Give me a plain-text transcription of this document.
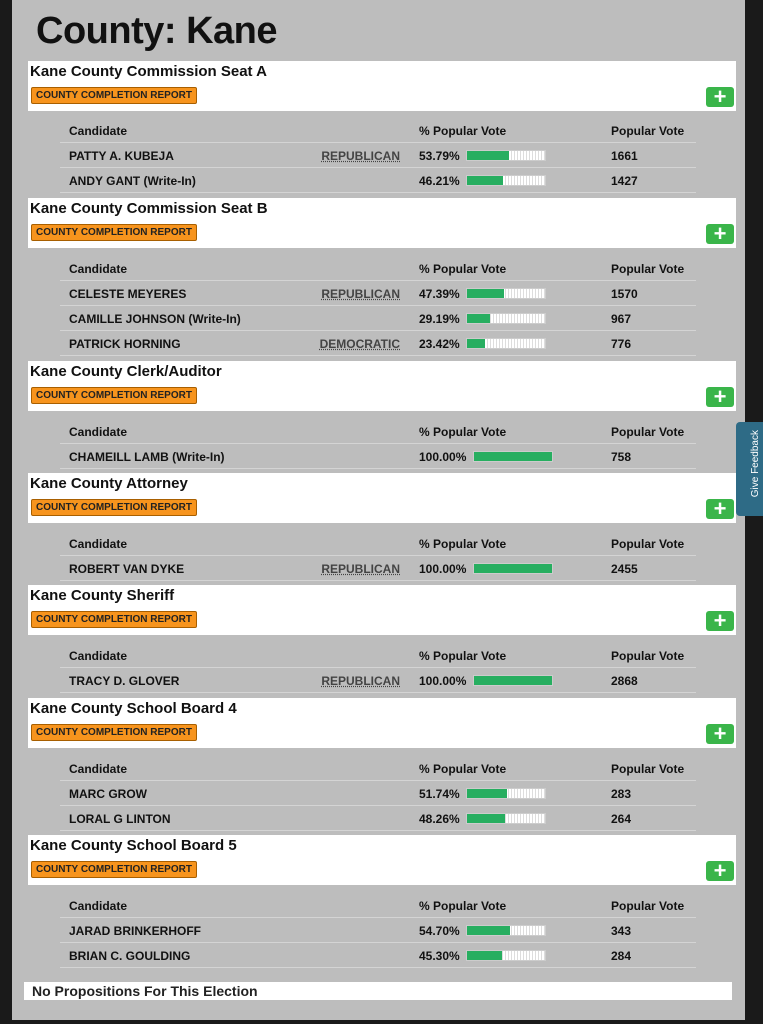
County: Kane
Kane County Commission Seat A
COUNTY COMPLETION REPORT	+
Candidate	% Popular Vote	Popular Vote
PATTY A. KUBEJA	REPUBLICAN 53.79%	1661
ANDY GANT (Write-In)	46.21%	1427
Kane County Commission Seat B
COUNTY COMPLETION REPORT	+
Candidate	% Popular Vote	Popular Vote
CELESTE MEYERES	REPUBLICAN 47.39%	1570
CAMILLE JOHNSON (Write-In)	29.19%	967
PATRICK HORNING	DEMOCRATIC 23.42%	776
Kane County Clerk/Auditor
COUNTY COMPLETION REPORT	+
Candidate	% Popular Vote	Popular Vote
CHAMEILL LAMB (Write-In)	100.00%	758
Kane County Attorney
COUNTY COMPLETION REPORT	+
Candidate	% Popular Vote	Popular Vote
ROBERT VAN DYKE	REPUBLICAN 100.00%	2455
Kane County Sheriff
COUNTY COMPLETION REPORT	+
Candidate	% Popular Vote	Popular Vote
TRACY D. GLOVER	REPUBLICAN 100.00%	2868
Kane County School Board 4
COUNTY COMPLETION REPORT	+
Candidate	% Popular Vote	Popular Vote
MARC GROW	51.74%	283
LORAL G LINTON	48.26%	264
Kane County School Board 5
COUNTY COMPLETION REPORT	+
Candidate	% Popular Vote	Popular Vote
JARAD BRINKERHOFF	54.70%	343
BRIAN C. GOULDING	45.30%	284
No Propositions For This Election
Give Feedback
